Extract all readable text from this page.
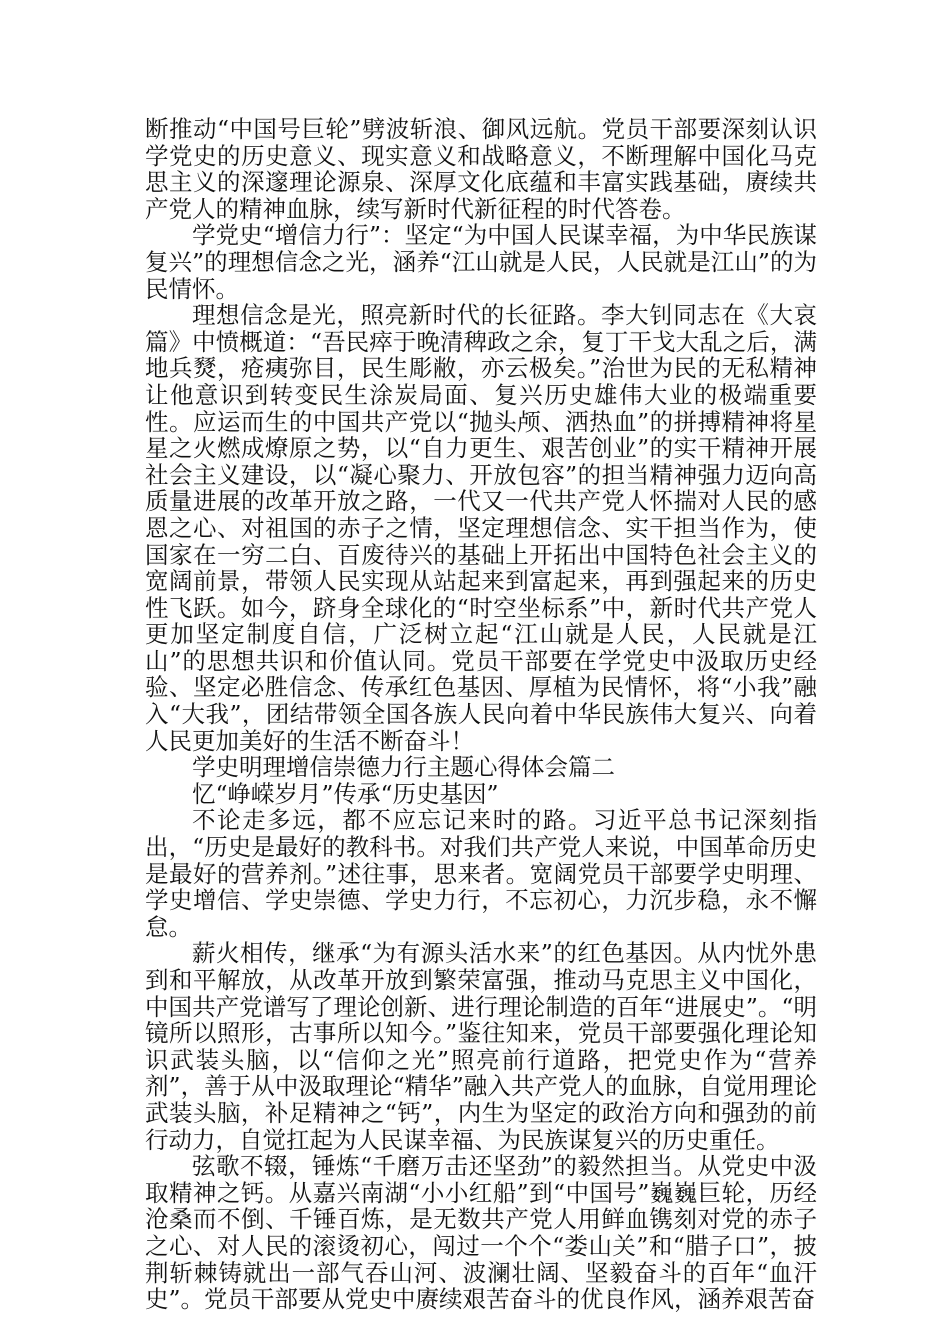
断推动“中国号巨轮”劈波斩浪、御风远航。党员干部要深刻认识学党史的历史意义、现实意义和战略意义，不断理解中国化马克思主义的深邃理论源泉、深厚文化底蕴和丰富实践基础，赓续共产党人的精神血脉，续写新时代新征程的时代答卷。

学党史“增信力行”：坚定“为中国人民谋幸福，为中华民族谋复兴”的理想信念之光，涵养“江山就是人民，人民就是江山”的为民情怀。

理想信念是光，照亮新时代的长征路。李大钊同志在《大哀篇》中愤概道：“吾民瘁于晚清稗政之余，复丁干戈大乱之后，满地兵燹，疮痍弥目，民生彫敝，亦云极矣。”治世为民的无私精神让他意识到转变民生涂炭局面、复兴历史雄伟大业的极端重要性。应运而生的中国共产党以“抛头颅、洒热血”的拼搏精神将星星之火燃成燎原之势，以“自力更生、艰苦创业”的实干精神开展社会主义建设，以“凝心聚力、开放包容”的担当精神强力迈向高质量进展的改革开放之路，一代又一代共产党人怀揣对人民的感恩之心、对祖国的赤子之情，坚定理想信念、实干担当作为，使国家在一穷二白、百废待兴的基础上开拓出中国特色社会主义的宽阔前景，带领人民实现从站起来到富起来，再到强起来的历史性飞跃。如今，跻身全球化的“时空坐标系”中，新时代共产党人更加坚定制度自信，广泛树立起“江山就是人民，人民就是江山”的思想共识和价值认同。党员干部要在学党史中汲取历史经验、坚定必胜信念、传承红色基因、厚植为民情怀，将“小我”融入“大我”，团结带领全国各族人民向着中华民族伟大复兴、向着人民更加美好的生活不断奋斗！

学史明理增信崇德力行主题心得体会篇二

忆“峥嵘岁月”传承“历史基因”

不论走多远，都不应忘记来时的路。习近平总书记深刻指出，“历史是最好的教科书。对我们共产党人来说，中国革命历史是最好的营养剂。”述往事，思来者。宽阔党员干部要学史明理、学史增信、学史崇德、学史力行，不忘初心，力沉步稳，永不懈怠。

薪火相传，继承“为有源头活水来”的红色基因。从内忧外患到和平解放，从改革开放到繁荣富强，推动马克思主义中国化，中国共产党谱写了理论创新、进行理论制造的百年“进展史”。“明镜所以照形，古事所以知今。”鉴往知来，党员干部要强化理论知识武装头脑，以“信仰之光”照亮前行道路，把党史作为“营养剂”，善于从中汲取理论“精华”融入共产党人的血脉，自觉用理论武装头脑，补足精神之“钙”，内生为坚定的政治方向和强劲的前行动力，自觉扛起为人民谋幸福、为民族谋复兴的历史重任。

弦歌不辍，锤炼“千磨万击还坚劲”的毅然担当。从党史中汲取精神之钙。从嘉兴南湖“小小红船”到“中国号”巍巍巨轮，历经沧桑而不倒、千锤百炼，是无数共产党人用鲜血镌刻对党的赤子之心、对人民的滚烫初心，闯过一个个“娄山关”和“腊子口”，披荆斩棘铸就出一部气吞山河、波澜壮阔、坚毅奋斗的百年“血汗史”。党员干部要从党史中赓续艰苦奋斗的优良作风，涵养艰苦奋
